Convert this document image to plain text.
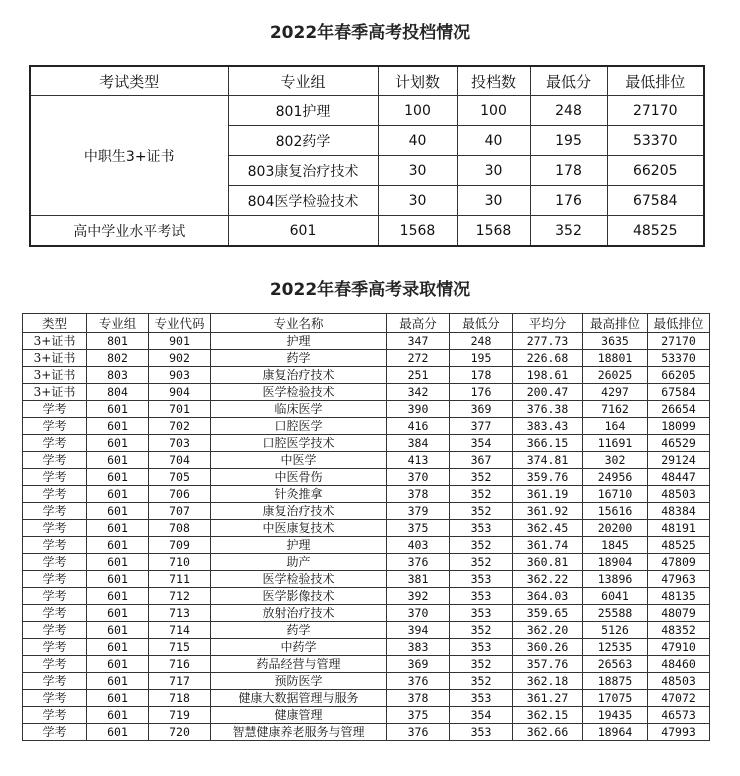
2022年春季高考投档情况
考试类型	专业组	计划数	投档数	最低分	最低排位
中职生3+证书	801护理	100	100	248	27170
	802药学	40	40	195	53370
	803康复治疗技术	30	30	178	66205
	804医学检验技术	30	30	176	67584
高中学业水平考试	601	1568	1568	352	48525
2022年春季高考录取情况
类型	专业组	专业代码	专业名称	最高分	最低分	平均分	最高排位	最低排位
3+证书	801	901	护理	347	248	277.73	3635	27170
3+证书	802	902	药学	272	195	226.68	18801	53370
3+证书	803	903	康复治疗技术	251	178	198.61	26025	66205
3+证书	804	904	医学检验技术	342	176	200.47	4297	67584
学考	601	701	临床医学	390	369	376.38	7162	26654
学考	601	702	口腔医学	416	377	383.43	164	18099
学考	601	703	口腔医学技术	384	354	366.15	11691	46529
学考	601	704	中医学	413	367	374.81	302	29124
学考	601	705	中医骨伤	370	352	359.76	24956	48447
学考	601	706	针灸推拿	378	352	361.19	16710	48503
学考	601	707	康复治疗技术	379	352	361.92	15616	48384
学考	601	708	中医康复技术	375	353	362.45	20200	48191
学考	601	709	护理	403	352	361.74	1845	48525
学考	601	710	助产	376	352	360.81	18904	47809
学考	601	711	医学检验技术	381	353	362.22	13896	47963
学考	601	712	医学影像技术	392	353	364.03	6041	48135
学考	601	713	放射治疗技术	370	353	359.65	25588	48079
学考	601	714	药学	394	352	362.20	5126	48352
学考	601	715	中药学	383	353	360.26	12535	47910
学考	601	716	药品经营与管理	369	352	357.76	26563	48460
学考	601	717	预防医学	376	352	362.18	18875	48503
学考	601	718	健康大数据管理与服务	378	353	361.27	17075	47072
学考	601	719	健康管理	375	354	362.15	19435	46573
学考	601	720	智慧健康养老服务与管理	376	353	362.66	18964	47993
